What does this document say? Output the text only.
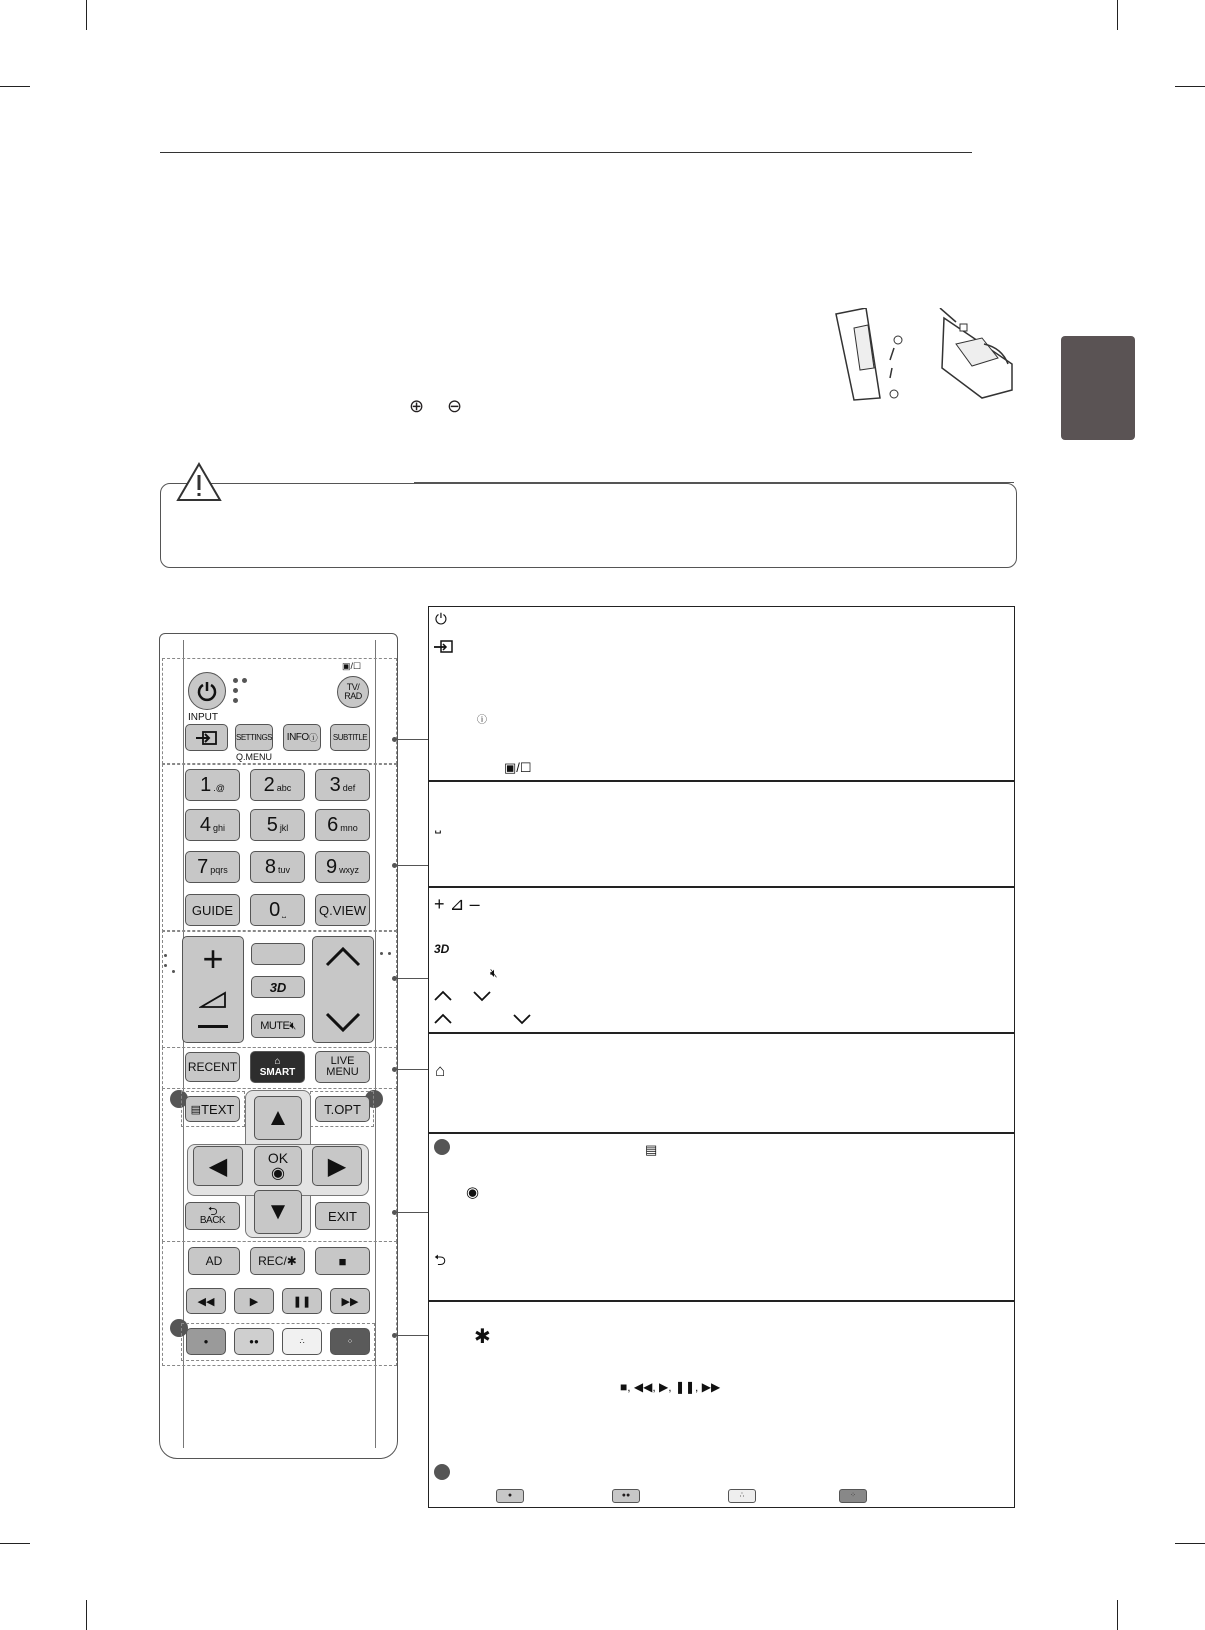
⊕ ⊖
▣/☐
TV/
RAD
INPUT
SETTINGS
Q.MENU
INFO ⓘ	SUBTITLE
1 .@ 2 abc 3 def
4 ghi 5 jkl 6 mno
7 pqrs 8 tuv 9 wxyz
GUIDE	0 ⎵	Q.VIEW
+
3D
MUTE 🔇︎
RECENT	⌂
SMART
LIVE MENU
▤ TEXT	T.OPT
▲
◀	OK
◉ ▶
▼
⮌
BACK	EXIT
AD	REC/✱	■
◀◀	▶	❚❚	▶▶
●	●●	∴	⁘
⏻
ⓘ
▣/☐
⎵
+ ⊿ –
3D
🔇︎
⌂
▤
◉
⮌
✱
■, ◀◀, ▶, ❚❚, ▶▶
●	●●	∴	⁘
